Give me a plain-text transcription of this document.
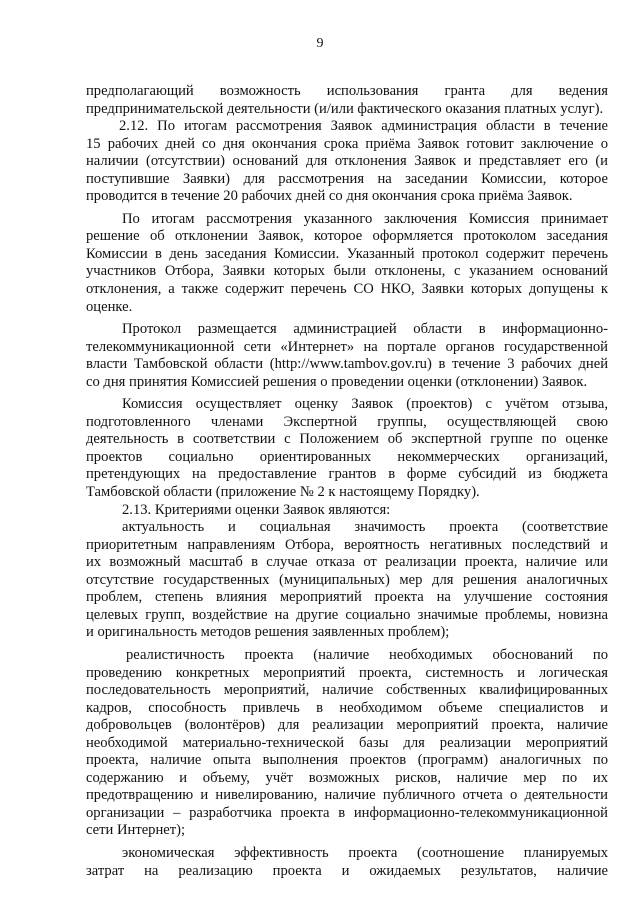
9
предполагающий возможность использования гранта для ведения
предпринимательской деятельности (и/или фактического оказания платных услуг).
2.12. По итогам рассмотрения Заявок администрация области в течение
15 рабочих дней со дня окончания срока приёма Заявок готовит заключение о
наличии (отсутствии) оснований для отклонения Заявок и представляет его (и
поступившие Заявки) для рассмотрения на заседании Комиссии, которое
проводится в течение 20 рабочих дней со дня окончания срока приёма Заявок.
По итогам рассмотрения указанного заключения Комиссия принимает
решение об отклонении Заявок, которое оформляется протоколом заседания
Комиссии в день заседания Комиссии. Указанный протокол содержит перечень
участников Отбора, Заявки которых были отклонены, с указанием оснований
отклонения, а также содержит перечень СО НКО, Заявки которых допущены к
оценке.
Протокол размещается администрацией области в информационно-
телекоммуникационной сети «Интернет» на портале органов государственной
власти Тамбовской области (http://www.tambov.gov.ru) в течение 3 рабочих дней
со дня принятия Комиссией решения о проведении оценки (отклонении) Заявок.
Комиссия осуществляет оценку Заявок (проектов) с учётом отзыва,
подготовленного членами Экспертной группы, осуществляющей свою
деятельность в соответствии с Положением об экспертной группе по оценке
проектов социально ориентированных некоммерческих организаций,
претендующих на предоставление грантов в форме субсидий из бюджета
Тамбовской области (приложение № 2 к настоящему Порядку).
2.13. Критериями оценки Заявок являются:
актуальность и социальная значимость проекта (соответствие
приоритетным направлениям Отбора, вероятность негативных последствий и
их возможный масштаб в случае отказа от реализации проекта, наличие или
отсутствие государственных (муниципальных) мер для решения аналогичных
проблем, степень влияния мероприятий проекта на улучшение состояния
целевых групп, воздействие на другие социально значимые проблемы, новизна
и оригинальность методов решения заявленных проблем);
реалистичность проекта (наличие необходимых обоснований по
проведению конкретных мероприятий проекта, системность и логическая
последовательность мероприятий, наличие собственных квалифицированных
кадров, способность привлечь в необходимом объеме специалистов и
добровольцев (волонтёров) для реализации мероприятий проекта, наличие
необходимой материально-технической базы для реализации мероприятий
проекта, наличие опыта выполнения проектов (программ) аналогичных по
содержанию и объему, учёт возможных рисков, наличие мер по их
предотвращению и нивелированию, наличие публичного отчета о деятельности
организации – разработчика проекта в информационно-телекоммуникационной
сети Интернет);
экономическая эффективность проекта (соотношение планируемых
затрат на реализацию проекта и ожидаемых результатов, наличие
